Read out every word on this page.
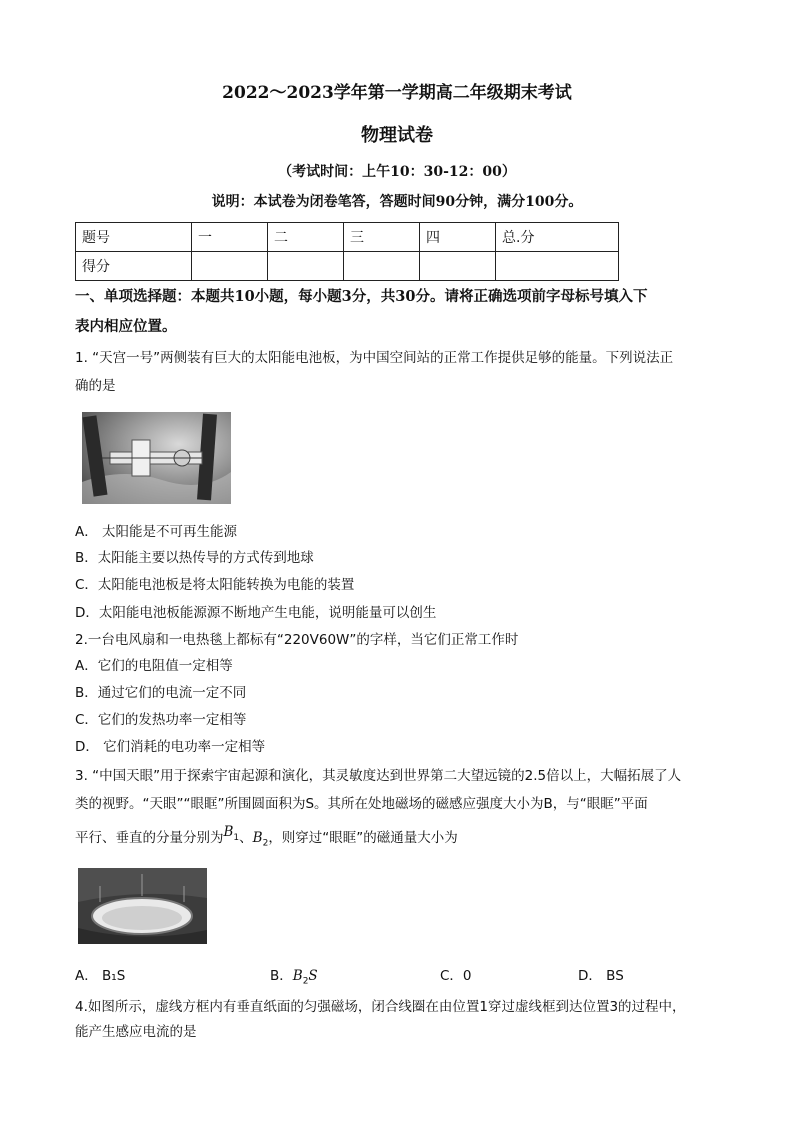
2022～2023学年第一学期高二年级期末考试
物理试卷
（考试时间：上午10：30-12：00）
说明：本试卷为闭卷笔答，答题时间90分钟，满分100分。
题号	一	二	三	四	总.分
得分					
一、单项选择题：本题共10小题，每小题3分，共30分。请将正确选项前字母标号填入下
表内相应位置。
1. “天宫一号”两侧装有巨大的太阳能电池板，为中国空间站的正常工作提供足够的能量。下列说法正
确的是
A． 太阳能是不可再生能源
B．太阳能主要以热传导的方式传到地球
C．太阳能电池板是将太阳能转换为电能的装置
D．太阳能电池板能源源不断地产生电能，说明能量可以创生
2.一台电风扇和一电热毯上都标有“220V60W”的字样，当它们正常工作时
A．它们的电阻值一定相等
B．通过它们的电流一定不同
C．它们的发热功率一定相等
D． 它们消耗的电功率一定相等
3. “中国天眼”用于探索宇宙起源和演化，其灵敏度达到世界第二大望远镜的2.5倍以上，大幅拓展了人
类的视野。“天眼”“眼眶”所围圆面积为S。其所在处地磁场的磁感应强度大小为B，与“眼眶”平面
平行、垂直的分量分别为$B_1$、$B_2$，则穿过“眼眶”的磁通量大小为
A． B₁S	B．$B_2S$	C．0	D． BS
4.如图所示，虚线方框内有垂直纸面的匀强磁场，闭合线圈在由位置1穿过虚线框到达位置3的过程中，
能产生感应电流的是
